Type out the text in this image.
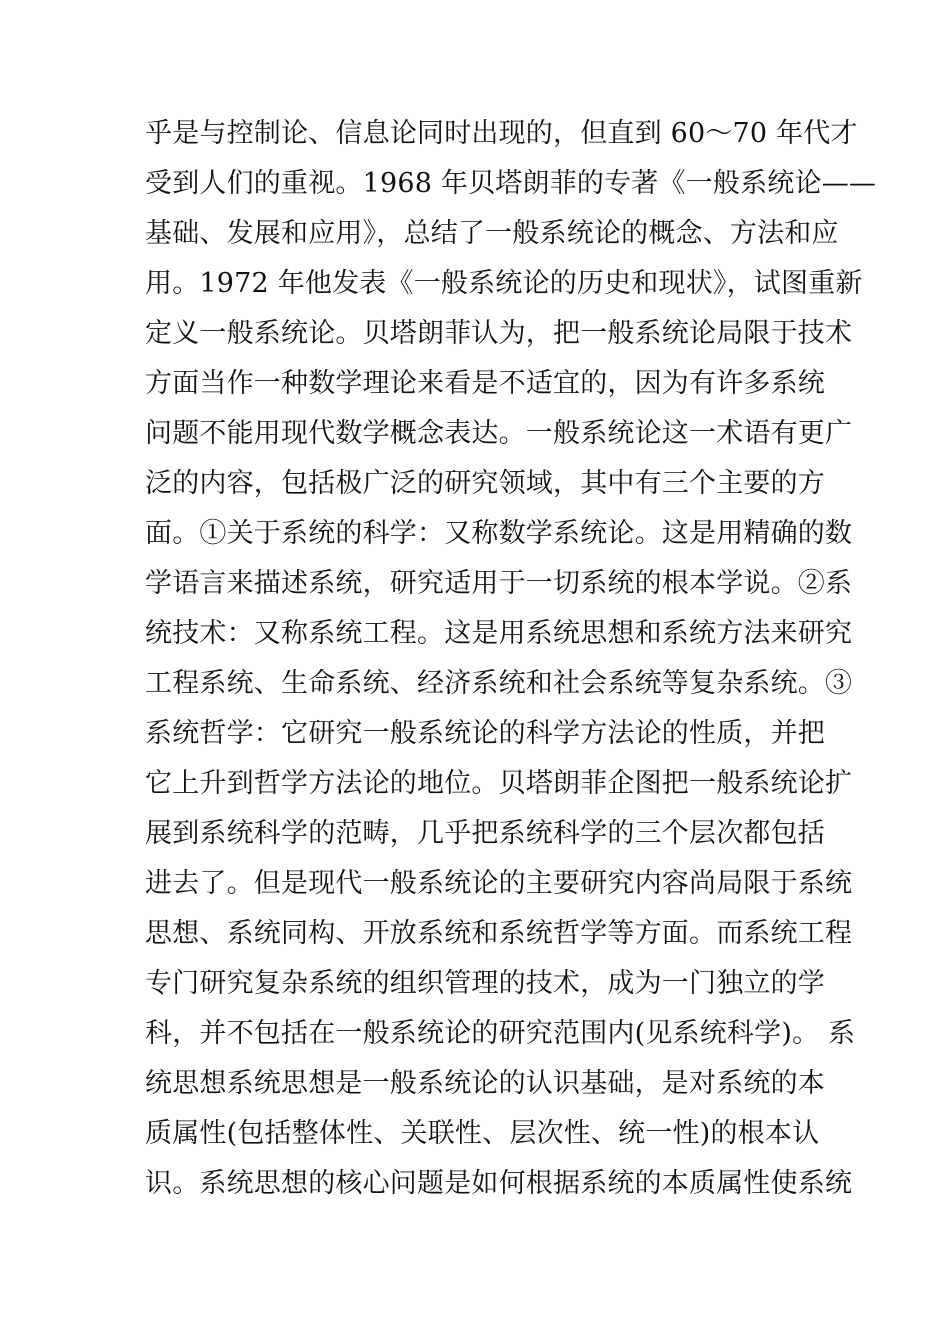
乎是与控制论、信息论同时出现的，但直到 60～70 年代才
受到人们的重视。1968 年贝塔朗菲的专著《一般系统论——
基础、发展和应用》，总结了一般系统论的概念、方法和应
用。1972 年他发表《一般系统论的历史和现状》，试图重新
定义一般系统论。贝塔朗菲认为，把一般系统论局限于技术
方面当作一种数学理论来看是不适宜的，因为有许多系统
问题不能用现代数学概念表达。一般系统论这一术语有更广
泛的内容，包括极广泛的研究领域，其中有三个主要的方
面。①关于系统的科学：又称数学系统论。这是用精确的数
学语言来描述系统，研究适用于一切系统的根本学说。②系
统技术：又称系统工程。这是用系统思想和系统方法来研究
工程系统、生命系统、经济系统和社会系统等复杂系统。③
系统哲学：它研究一般系统论的科学方法论的性质，并把
它上升到哲学方法论的地位。贝塔朗菲企图把一般系统论扩
展到系统科学的范畴，几乎把系统科学的三个层次都包括
进去了。但是现代一般系统论的主要研究内容尚局限于系统
思想、系统同构、开放系统和系统哲学等方面。而系统工程
专门研究复杂系统的组织管理的技术，成为一门独立的学
科，并不包括在一般系统论的研究范围内(见系统科学)。 系
统思想系统思想是一般系统论的认识基础，是对系统的本
质属性(包括整体性、关联性、层次性、统一性)的根本认
识。系统思想的核心问题是如何根据系统的本质属性使系统
